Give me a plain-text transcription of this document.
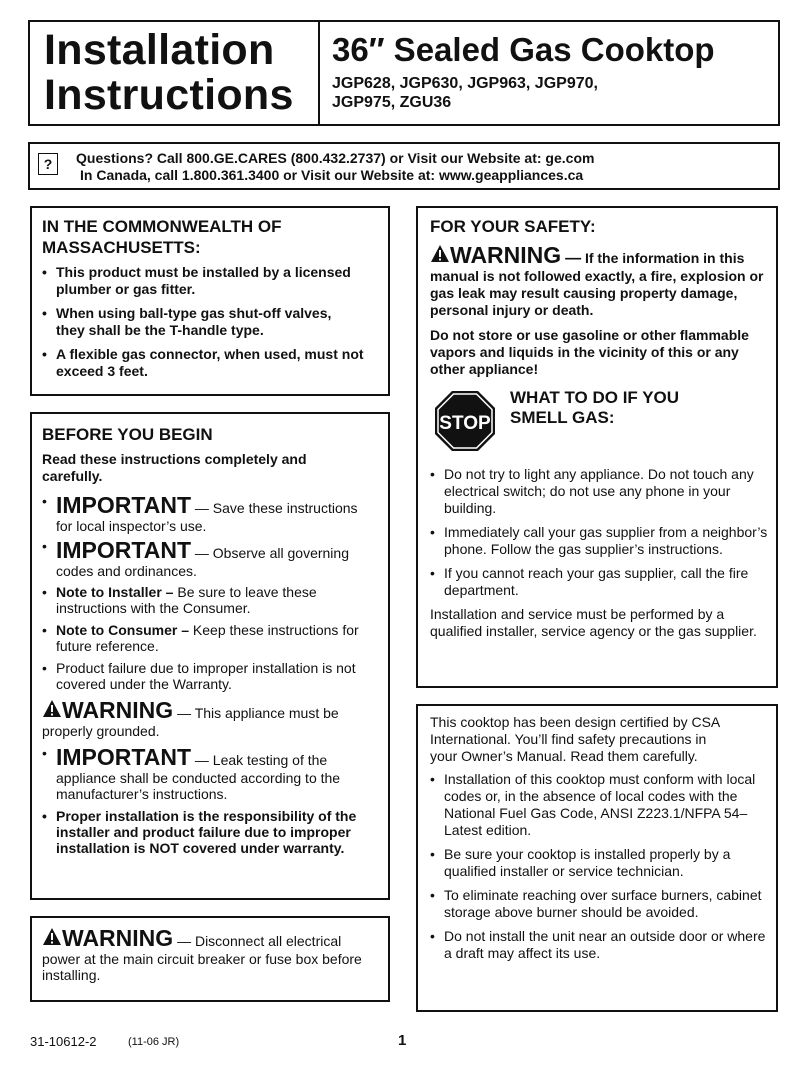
Installation
Instructions
36″ Sealed Gas Cooktop
JGP628, JGP630, JGP963, JGP970,
JGP975, ZGU36
?	Questions? Call 800.GE.CARES (800.432.2737) or Visit our Website at: ge.com
In Canada, call 1.800.361.3400 or Visit our Website at: www.geappliances.ca
IN THE COMMONWEALTH OF
MASSACHUSETTS:
• This product must be installed by a licensed plumber or gas fitter.
• When using ball-type gas shut-off valves, they shall be the T-handle type.
• A flexible gas connector, when used, must not exceed 3 feet.
BEFORE YOU BEGIN

Read these instructions completely and carefully.

• IMPORTANT — Save these instructions for local inspector’s use.
• IMPORTANT — Observe all governing codes and ordinances.
• Note to Installer – Be sure to leave these instructions with the Consumer.
• Note to Consumer – Keep these instructions for future reference.
• Product failure due to improper installation is not covered under the Warranty.

WARNING — This appliance must be properly grounded.

• IMPORTANT — Leak testing of the appliance shall be conducted according to the manufacturer’s instructions.
• Proper installation is the responsibility of the installer and product failure due to improper installation is NOT covered under warranty.

WARNING — Disconnect all electrical power at the main circuit breaker or fuse box before installing.

FOR YOUR SAFETY:

WARNING — If the information in this manual is not followed exactly, a fire, explosion or gas leak may result causing property damage, personal injury or death.

Do not store or use gasoline or other flammable vapors and liquids in the vicinity of this or any other appliance!

STOP
WHAT TO DO IF YOU
SMELL GAS:
• Do not try to light any appliance. Do not touch any electrical switch; do not use any phone in your building.
• Immediately call your gas supplier from a neighbor’s phone. Follow the gas supplier’s instructions.
• If you cannot reach your gas supplier, call the fire department.

Installation and service must be performed by a qualified installer, service agency or the gas supplier.

This cooktop has been design certified by CSA International. You’ll find safety precautions in your Owner’s Manual. Read them carefully.

• Installation of this cooktop must conform with local codes or, in the absence of local codes with the National Fuel Gas Code, ANSI Z223.1/NFPA 54–Latest edition.
• Be sure your cooktop is installed properly by a qualified installer or service technician.
• To eliminate reaching over surface burners, cabinet storage above burner should be avoided.
• Do not install the unit near an outside door or where a draft may affect its use.
31-10612-2	(11-06 JR)	1
